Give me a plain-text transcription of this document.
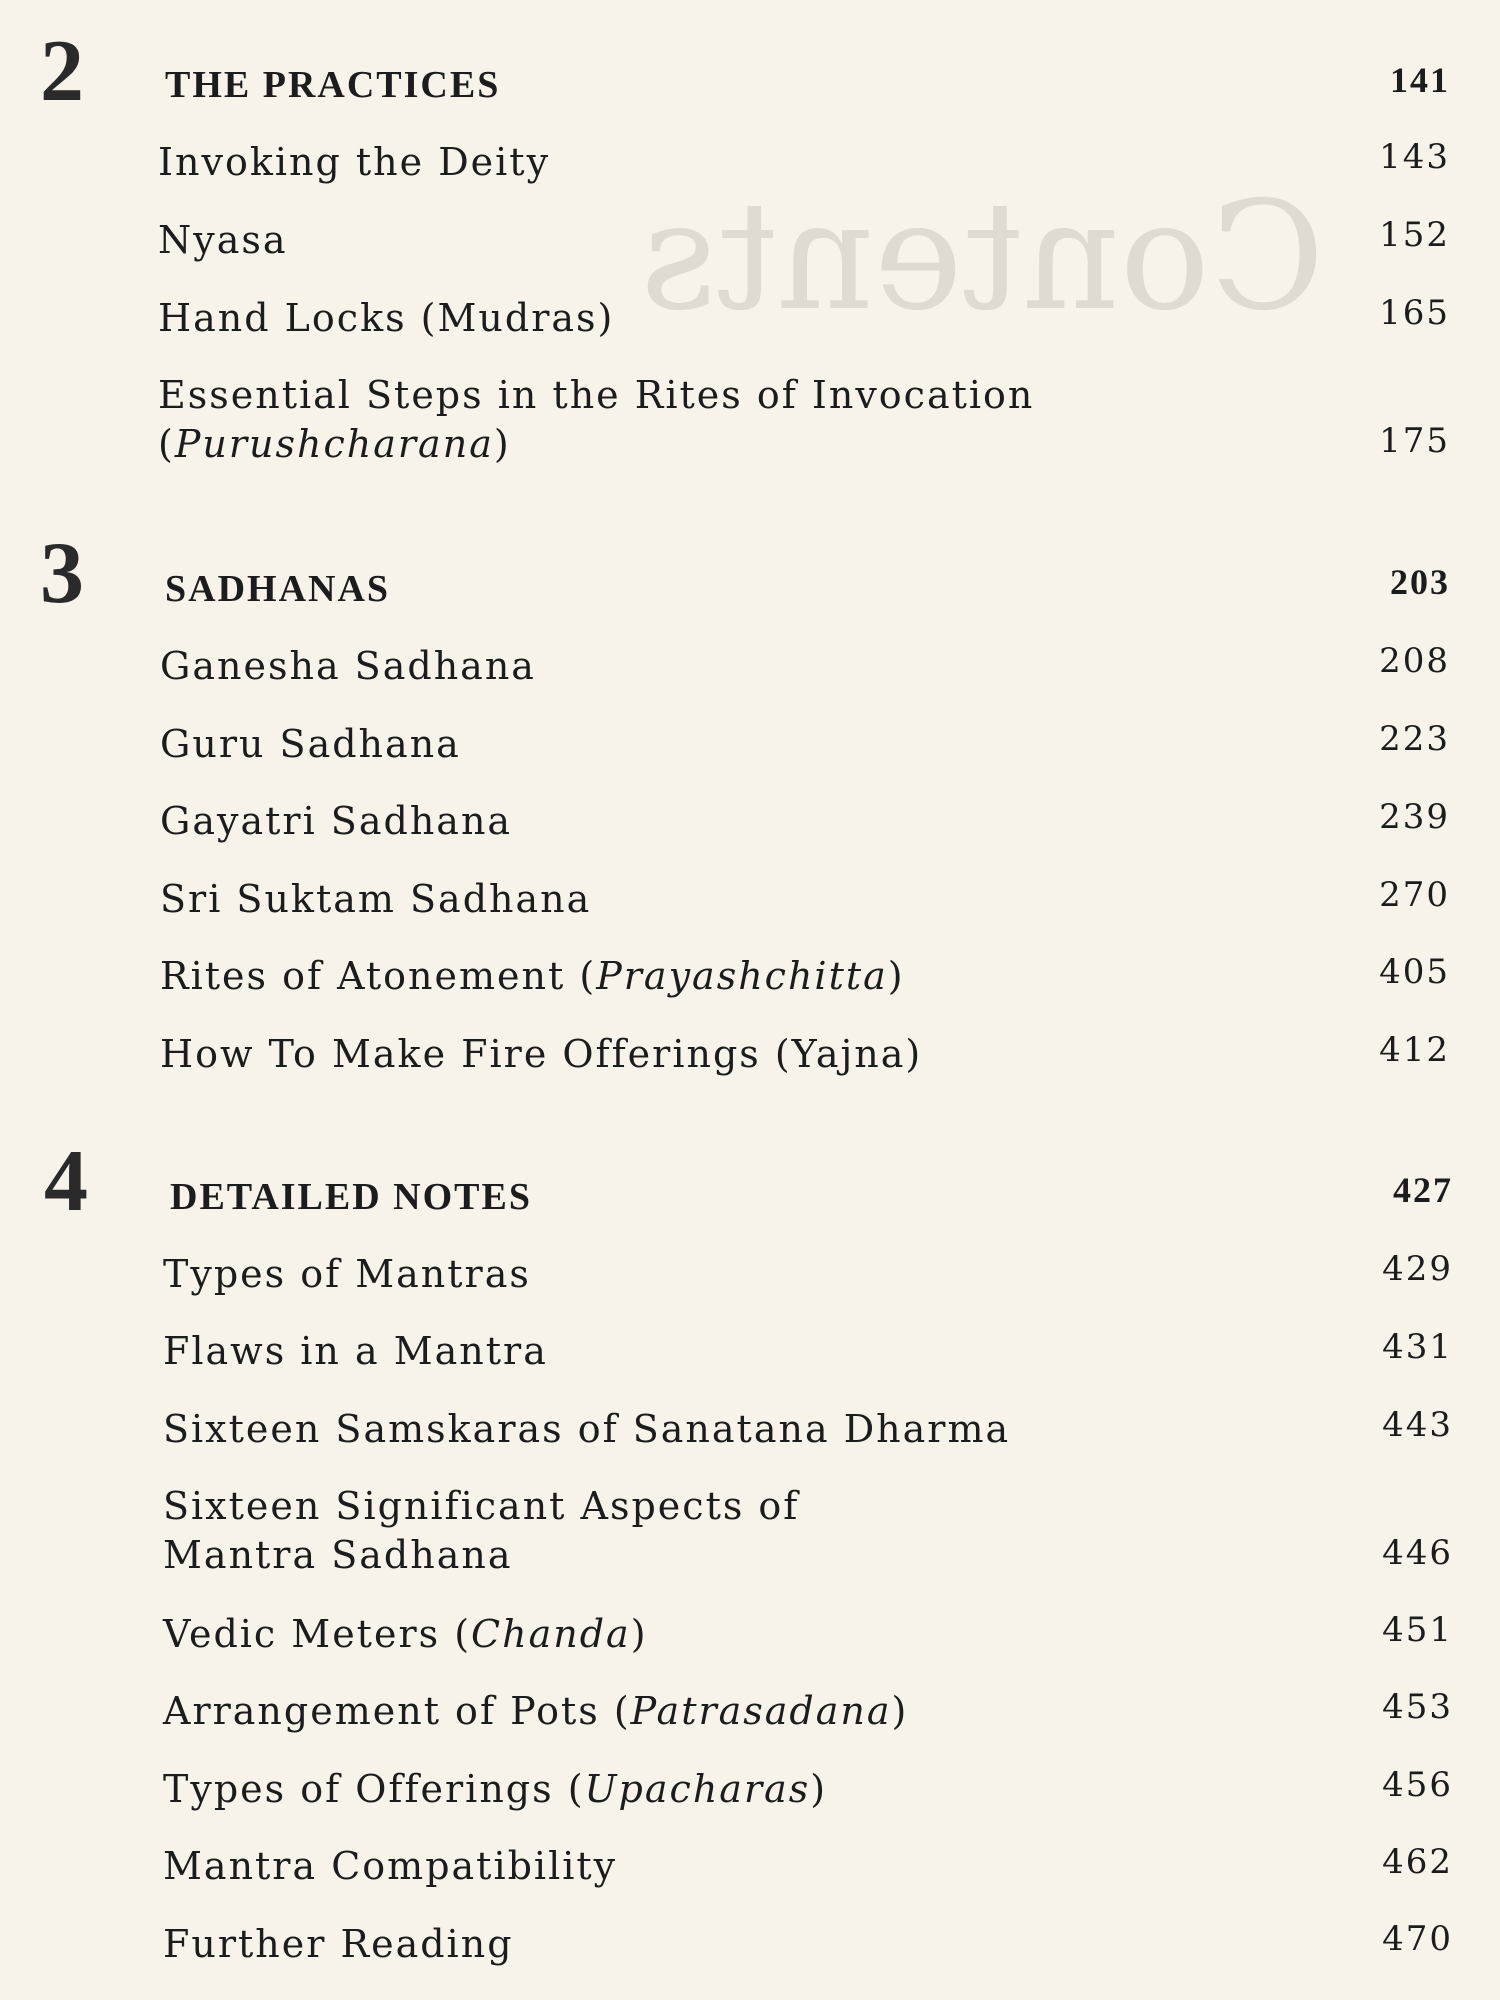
Contents
2 THE PRACTICES	141
Invoking the Deity	143
Nyasa	152
Hand Locks (Mudras)	165
Essential Steps in the Rites of Invocation
(Purushcharana)	175
3 SADHANAS	203
Ganesha Sadhana	208
Guru Sadhana	223
Gayatri Sadhana	239
Sri Suktam Sadhana	270
Rites of Atonement (Prayashchitta)	405
How To Make Fire Offerings (Yajna)	412
4 DETAILED NOTES	427
Types of Mantras	429
Flaws in a Mantra	431
Sixteen Samskaras of Sanatana Dharma	443
Sixteen Significant Aspects of
Mantra Sadhana	446
Vedic Meters (Chanda)	451
Arrangement of Pots (Patrasadana)	453
Types of Offerings (Upacharas)	456
Mantra Compatibility	462
Further Reading	470
